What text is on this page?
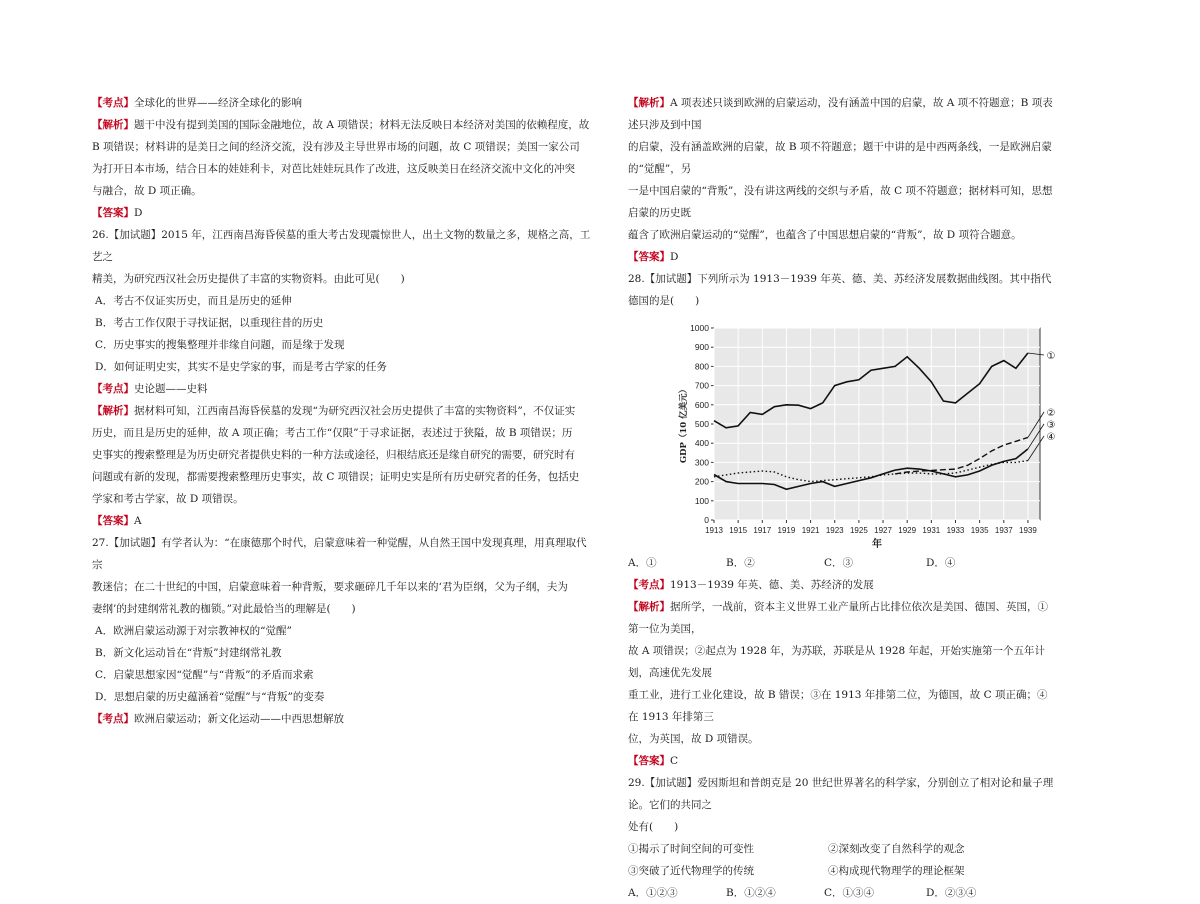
【考点】全球化的世界——经济全球化的影响

【解析】题干中没有提到美国的国际金融地位，故 A 项错误；材料无法反映日本经济对美国的依赖程度，故

B 项错误；材料讲的是美日之间的经济交流，没有涉及主导世界市场的问题，故 C 项错误；美国一家公司

为打开日本市场，结合日本的娃娃利卡，对芭比娃娃玩具作了改进，这反映美日在经济交流中文化的冲突

与融合，故 D 项正确。

【答案】D

26.【加试题】2015 年，江西南昌海昏侯墓的重大考古发现震惊世人，出土文物的数量之多，规格之高，工艺之

精美，为研究西汉社会历史提供了丰富的实物资料。由此可见(　　)

A．考古不仅证实历史，而且是历史的延伸

B．考古工作仅限于寻找证据，以重现往昔的历史

C．历史事实的搜集整理并非缘自问题，而是缘于发现

D．如何证明史实，其实不是史学家的事，而是考古学家的任务

【考点】史论题——史料

【解析】据材料可知，江西南昌海昏侯墓的发现“为研究西汉社会历史提供了丰富的实物资料”，不仅证实

历史，而且是历史的延伸，故 A 项正确；考古工作“仅限”于寻求证据，表述过于狭隘，故 B 项错误；历

史事实的搜索整理是为历史研究者提供史料的一种方法或途径，归根结底还是缘自研究的需要，研究时有

问题或有新的发现，都需要搜索整理历史事实，故 C 项错误；证明史实是所有历史研究者的任务，包括史

学家和考古学家，故 D 项错误。

【答案】A

27.【加试题】有学者认为：“在康德那个时代，启蒙意味着一种觉醒，从自然王国中发现真理，用真理取代宗

教迷信；在二十世纪的中国，启蒙意味着一种背叛，要求砸碎几千年以来的‘君为臣纲，父为子纲，夫为

妻纲’的封建纲常礼教的枷锁。”对此最恰当的理解是(　　)

A．欧洲启蒙运动源于对宗教神权的“觉醒”

B．新文化运动旨在“背叛”封建纲常礼教

C．启蒙思想家因“觉醒”与“背叛”的矛盾而求索

D．思想启蒙的历史蕴涵着“觉醒”与“背叛”的变奏

【考点】欧洲启蒙运动；新文化运动——中西思想解放

【解析】A 项表述只谈到欧洲的启蒙运动，没有涵盖中国的启蒙，故 A 项不符题意；B 项表述只涉及到中国

的启蒙，没有涵盖欧洲的启蒙，故 B 项不符题意；题干中讲的是中西两条线，一是欧洲启蒙的“觉醒”，另

一是中国启蒙的“背叛”，没有讲这两线的交织与矛盾，故 C 项不符题意；据材料可知，思想启蒙的历史既

蕴含了欧洲启蒙运动的“觉醒”，也蕴含了中国思想启蒙的“背叛”，故 D 项符合题意。

【答案】D

28.【加试题】下列所示为 1913－1939 年英、德、美、苏经济发展数据曲线图。其中指代德国的是(　　)

0
100
200
300
400
500
600
700
800
900
1000
1913 1915 1917 1919 1921 1923 1925 1927 1929 1931 1933 1935 1937 1939
年
GDP（10 亿美元）
①
②
③
④

A．①	B．②	C．③	D．④

【考点】1913－1939 年英、德、美、苏经济的发展

【解析】据所学，一战前，资本主义世界工业产量所占比排位依次是美国、德国、英国，①第一位为美国，

故 A 项错误；②起点为 1928 年，为苏联，苏联是从 1928 年起，开始实施第一个五年计划，高速优先发展

重工业，进行工业化建设，故 B 错误；③在 1913 年排第二位，为德国，故 C 项正确；④在 1913 年排第三

位，为英国，故 D 项错误。

【答案】C

29.【加试题】爱因斯坦和普朗克是 20 世纪世界著名的科学家，分别创立了相对论和量子理论。它们的共同之

处有(　　)

①揭示了时间空间的可变性	②深刻改变了自然科学的观念

③突破了近代物理学的传统	④构成现代物理学的理论框架

A．①②③	B．①②④	C．①③④	D．②③④
